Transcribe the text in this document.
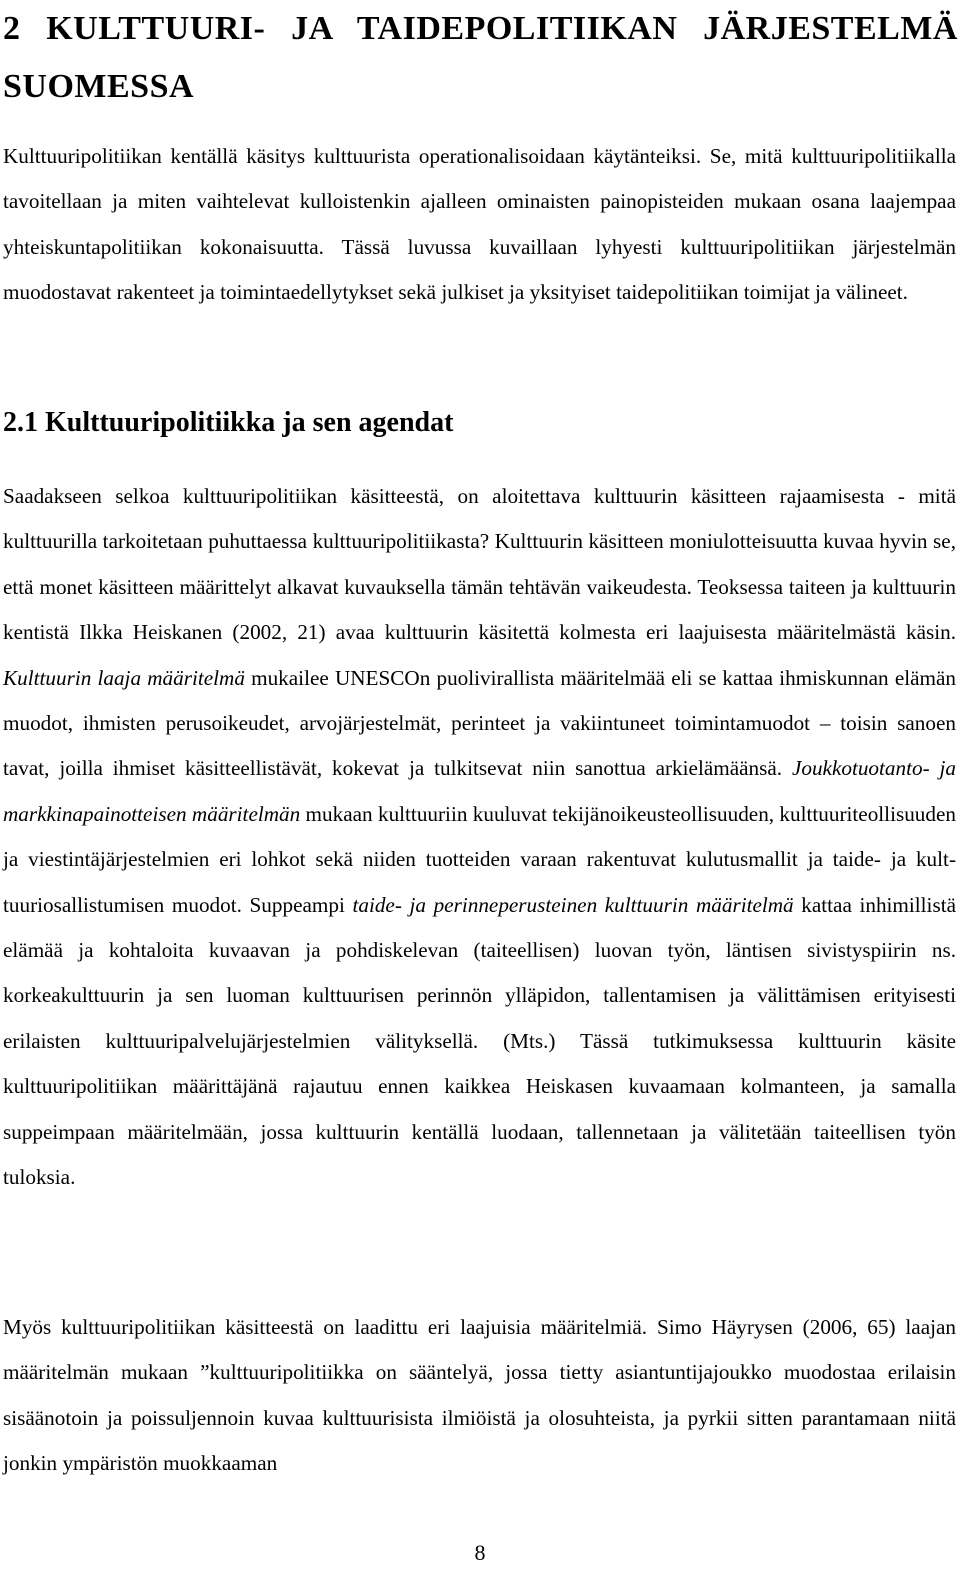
2 KULTTUURI- JA TAIDEPOLITIIKAN JÄRJESTELMÄ SUOMESSA

Kulttuuripolitiikan kentällä käsitys kulttuurista operationalisoidaan käytänteiksi. Se, mitä kulttuuripolitiikalla tavoitellaan ja miten vaihtelevat kulloistenkin ajalleen ominaisten painopisteiden mukaan osana laajempaa yhteiskuntapolitiikan kokonaisuutta. Tässä luvussa kuvaillaan lyhyesti kulttuuripolitiikan järjestelmän muodostavat rakenteet ja toimintaedellytykset sekä julkiset ja yksityiset taidepolitiikan toimijat ja välineet.

2.1 Kulttuuripolitiikka ja sen agendat

Saadakseen selkoa kulttuuripolitiikan käsitteestä, on aloitettava kulttuurin käsitteen rajaamisesta - mitä kulttuurilla tarkoitetaan puhuttaessa kulttuuripolitiikasta? Kulttuurin käsitteen moniulotteisuutta kuvaa hyvin se, että monet käsitteen määrittelyt alkavat kuvauksella tämän tehtävän vaikeudesta. Teoksessa taiteen ja kulttuurin kentistä Ilkka Heiskanen (2002, 21) avaa kulttuurin käsitettä kolmesta eri laajuisesta määritelmästä käsin. Kulttuurin laaja määritelmä mukailee UNESCOn puolivirallista määritelmää eli se kattaa ihmiskunnan elämän muodot, ihmisten perusoikeudet, arvojärjestelmät, perinteet ja vakiintuneet toimintamuodot – toisin sanoen tavat, joilla ihmiset käsitteellistävät, kokevat ja tulkitsevat niin sanottua arkielämäänsä. Joukkotuotanto- ja markkinapainotteisen määritelmän mukaan kulttuuriin kuuluvat tekijänoikeusteollisuuden, kulttuuriteollisuuden ja viestintäjärjestelmien eri lohkot sekä niiden tuotteiden varaan rakentuvat kulutusmallit ja taide- ja kulttuuriosallistumisen muodot. Suppeampi taide- ja perinneperusteinen kulttuurin määritelmä kattaa inhimillistä elämää ja kohtaloita kuvaavan ja pohdiskelevan (taiteellisen) luovan työn, läntisen sivistyspiirin ns. korkeakulttuurin ja sen luoman kulttuurisen perinnön ylläpidon, tallentamisen ja välittämisen erityisesti erilaisten kulttuuripalvelujärjestelmien välityksellä. (Mts.) Tässä tutkimuksessa kulttuurin käsite kulttuuripolitiikan määrittäjänä rajautuu ennen kaikkea Heiskasen kuvaamaan kolmanteen, ja samalla suppeimpaan määritelmään, jossa kulttuurin kentällä luodaan, tallennetaan ja välitetään taiteellisen työn tuloksia.

Myös kulttuuripolitiikan käsitteestä on laadittu eri laajuisia määritelmiä. Simo Häyrysen (2006, 65) laajan määritelmän mukaan ”kulttuuripolitiikka on sääntelyä, jossa tietty asiantuntijajoukko muodostaa erilaisin sisäänotoin ja poissuljennoin kuvaa kulttuurisista ilmiöistä ja olosuhteista, ja pyrkii sitten parantamaan niitä jonkin ympäristön muokkaaman

8
